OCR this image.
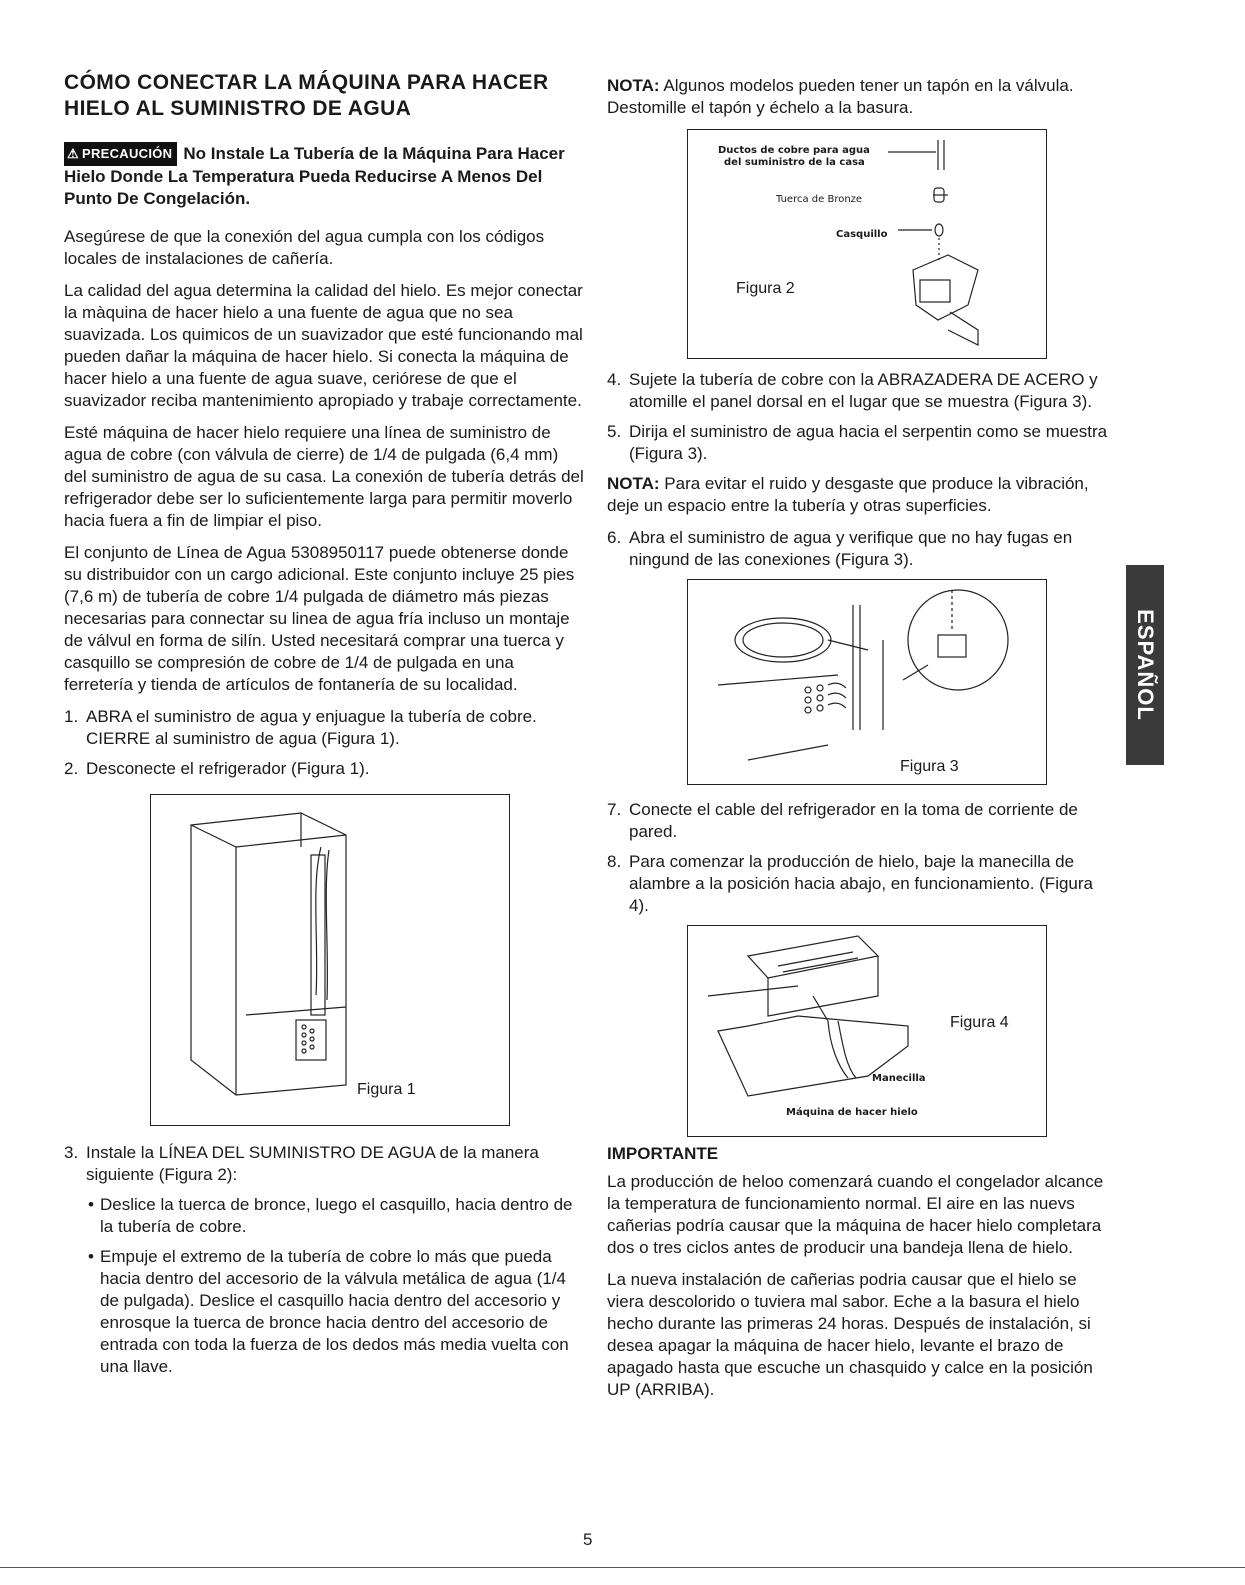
CÓMO CONECTAR LA MÁQUINA PARA HACER HIELO AL SUMINISTRO DE AGUA
⚠ PRECAUCIÓN No Instale La Tubería de la Máquina Para Hacer Hielo Donde La Temperatura Pueda Reducirse A Menos Del Punto De Congelación.

Asegúrese de que la conexión del agua cumpla con los códigos locales de instalaciones de cañería.

La calidad del agua determina la calidad del hielo. Es mejor conectar la màquina de hacer hielo a una fuente de agua que no sea suavizada. Los quimicos de un suavizador que esté funcionando mal pueden dañar la máquina de hacer hielo. Si conecta la máquina de hacer hielo a una fuente de agua suave, ceriórese de que el suavizador reciba mantenimiento apropiado y trabaje correctamente.

Esté máquina de hacer hielo requiere una línea de suministro de agua de cobre (con válvula de cierre) de 1/4 de pulgada (6,4 mm) del suministro de agua de su casa. La conexión de tubería detrás del refrigerador debe ser lo suficientemente larga para permitir moverlo hacia fuera a fin de limpiar el piso.

El conjunto de Línea de Agua 5308950117 puede obtenerse donde su distribuidor con un cargo adicional. Este conjunto incluye 25 pies (7,6 m) de tubería de cobre 1/4 pulgada de diámetro más piezas necesarias para connectar su linea de agua fría incluso un montaje de válvul en forma de silín. Usted necesitará comprar una tuerca y casquillo se compresión de cobre de 1/4 de pulgada en una ferretería y tienda de artículos de fontanería de su localidad.

1. ABRA el suministro de agua y enjuague la tubería de cobre. CIERRE al suministro de agua (Figura 1).
2. Desconecte el refrigerador (Figura 1).
Figura 1
3. Instale la LÍNEA DEL SUMINISTRO DE AGUA de la manera siguiente (Figura 2):
• Deslice la tuerca de bronce, luego el casquillo, hacia dentro de la tubería de cobre.
• Empuje el extremo de la tubería de cobre lo más que pueda hacia dentro del accesorio de la válvula metálica de agua (1/4 de pulgada). Deslice el casquillo hacia dentro del accesorio y enrosque la tuerca de bronce hacia dentro del accesorio de entrada con toda la fuerza de los dedos más media vuelta con una llave.

NOTA: Algunos modelos pueden tener un tapón en la válvula. Destomille el tapón y échelo a la basura.

Ductos de cobre para agua
del suministro de la casa
Tuerca de Bronze
Casquillo
Figura 2
4. Sujete la tubería de cobre con la ABRAZADERA DE ACERO y atomille el panel dorsal en el lugar que se muestra (Figura 3).
5. Dirija el suministro de agua hacia el serpentin como se muestra (Figura 3).

NOTA: Para evitar el ruido y desgaste que produce la vibración, deje un espacio entre la tubería y otras superficies.

6. Abra el suministro de agua y verifique que no hay fugas en ningund de las conexiones (Figura 3).
Figura 3
7. Conecte el cable del refrigerador en la toma de corriente de pared.
8. Para comenzar la producción de hielo, baje la manecilla de alambre a la posición hacia abajo, en funcionamiento. (Figura 4).
Figura 4
Manecilla
Máquina de hacer hielo
IMPORTANTE

La producción de heloo comenzará cuando el congelador alcance la temperatura de funcionamiento normal. El aire en las nuevs cañerias podría causar que la máquina de hacer hielo completara dos o tres ciclos antes de producir una bandeja llena de hielo.

La nueva instalación de cañerias podria causar que el hielo se viera descolorido o tuviera mal sabor. Eche a la basura el hielo hecho durante las primeras 24 horas. Después de instalación, si desea apagar la máquina de hacer hielo, levante el brazo de apagado hasta que escuche un chasquido y calce en la posición UP (ARRIBA).

ESPAÑOL
5
